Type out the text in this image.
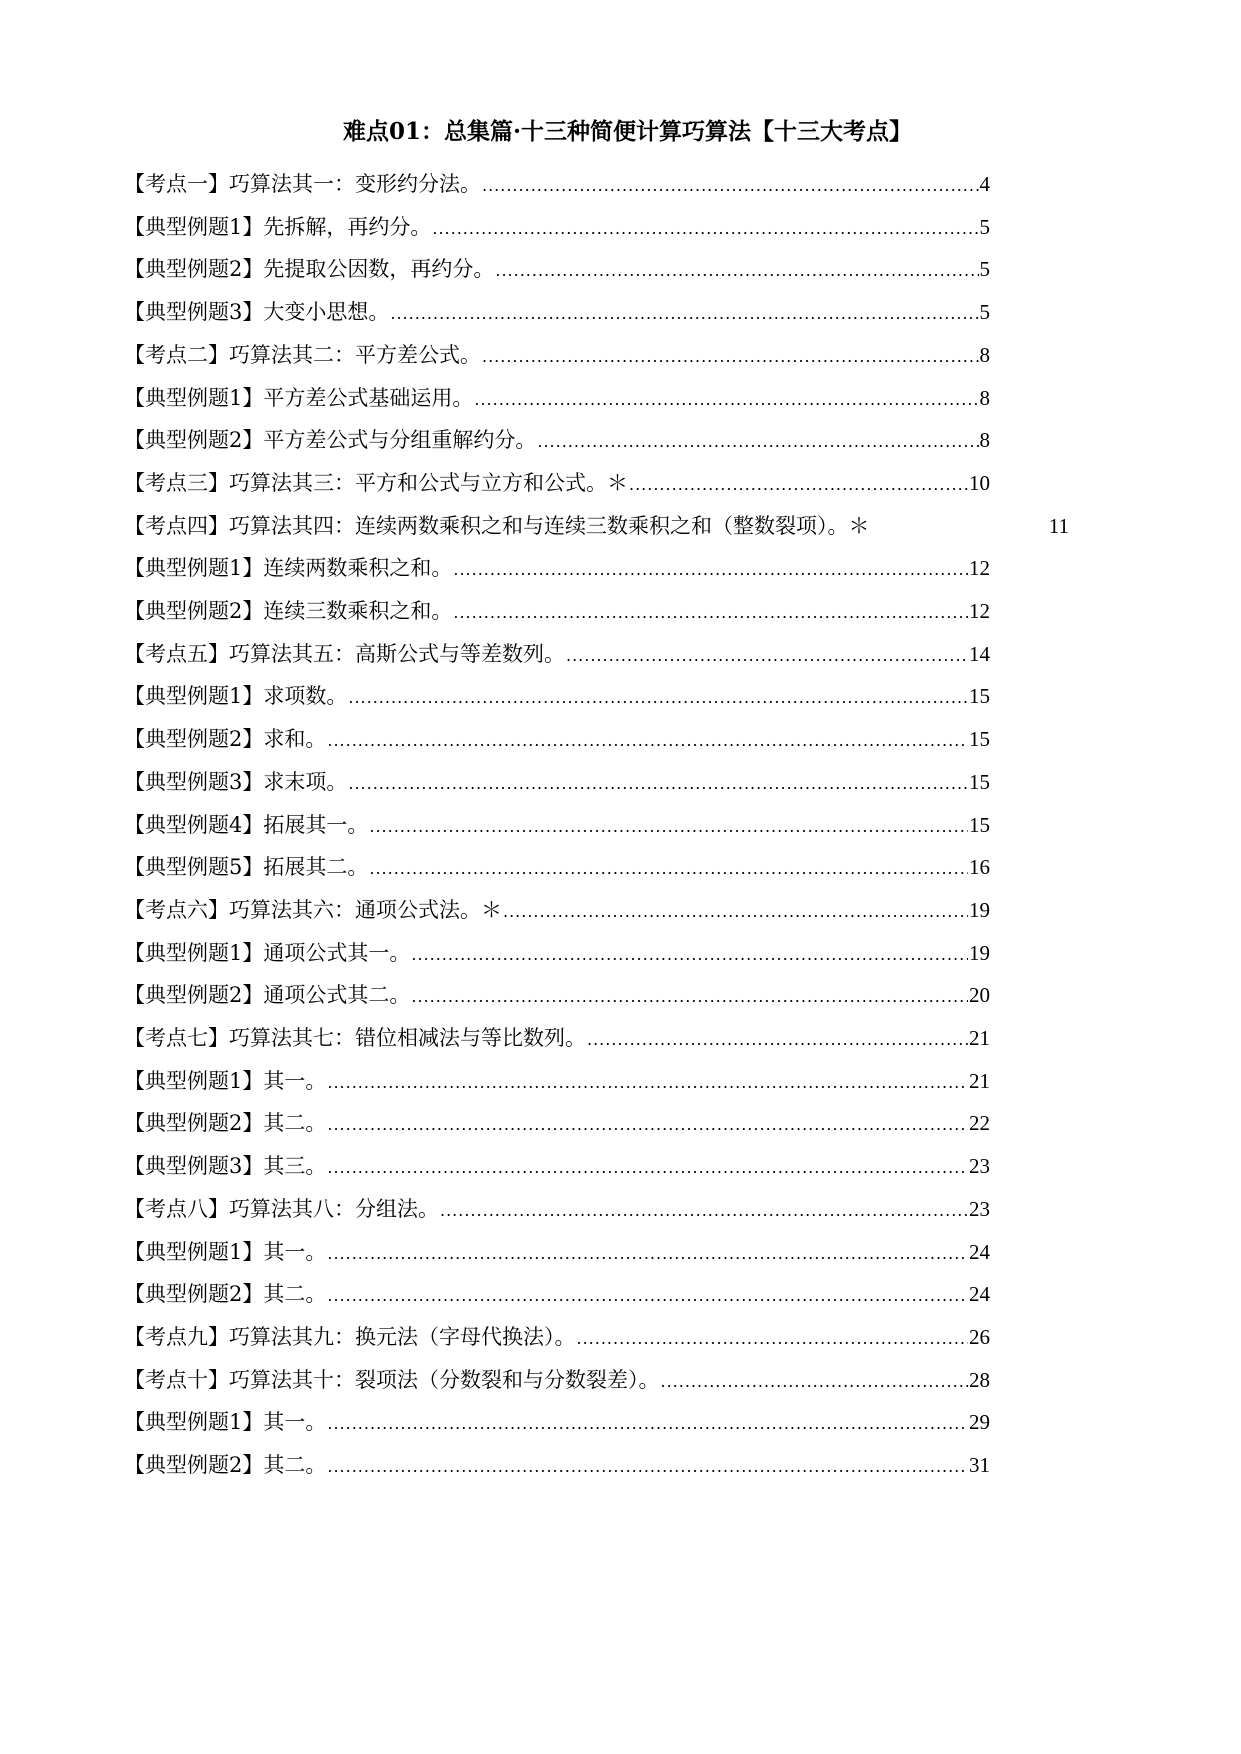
难点01：总集篇·十三种简便计算巧算法【十三大考点】
【考点一】巧算法其一：变形约分法。 .....	4
【典型例题1】先拆解，再约分。 .....	5
【典型例题2】先提取公因数，再约分。 .....	5
【典型例题3】大变小思想。 .....	5
【考点二】巧算法其二：平方差公式。 .....	8
【典型例题1】平方差公式基础运用。 .....	8
【典型例题2】平方差公式与分组重解约分。 .....	8
【考点三】巧算法其三：平方和公式与立方和公式。＊ .....	10
【考点四】巧算法其四：连续两数乘积之和与连续三数乘积之和（整数裂项）。＊	11
【典型例题1】连续两数乘积之和。 .....	12
【典型例题2】连续三数乘积之和。 .....	12
【考点五】巧算法其五：高斯公式与等差数列。 .....	14
【典型例题1】求项数。 .....	15
【典型例题2】求和。 .....	15
【典型例题3】求末项。 .....	15
【典型例题4】拓展其一。 .....	15
【典型例题5】拓展其二。 .....	16
【考点六】巧算法其六：通项公式法。＊ .....	19
【典型例题1】通项公式其一。 .....	19
【典型例题2】通项公式其二。 .....	20
【考点七】巧算法其七：错位相减法与等比数列。 .....	21
【典型例题1】其一。 .....	21
【典型例题2】其二。 .....	22
【典型例题3】其三。 .....	23
【考点八】巧算法其八：分组法。 .....	23
【典型例题1】其一。 .....	24
【典型例题2】其二。 .....	24
【考点九】巧算法其九：换元法（字母代换法）。 .....	26
【考点十】巧算法其十：裂项法（分数裂和与分数裂差）。 .....	28
【典型例题1】其一。 .....	29
【典型例题2】其二。 .....	31
